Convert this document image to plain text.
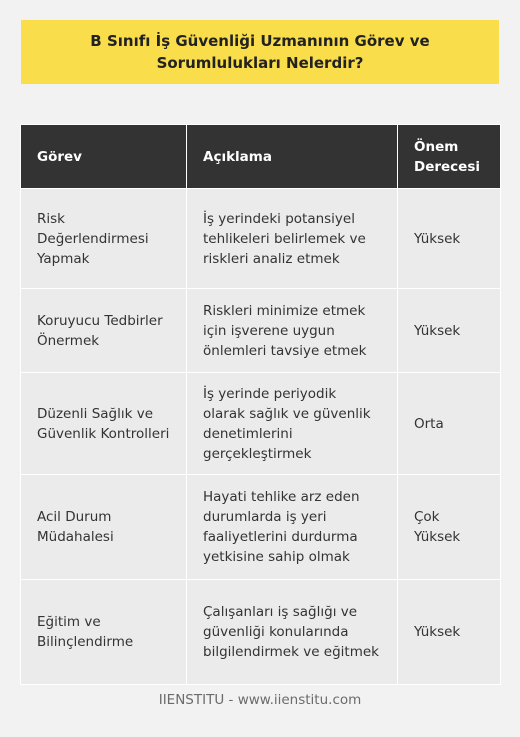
B Sınıfı İş Güvenliği Uzmanının Görev ve Sorumlulukları Nelerdir?
Görev	Açıklama	Önem Derecesi
Risk Değerlendirmesi Yapmak	İş yerindeki potansiyel tehlikeleri belirlemek ve riskleri analiz etmek	Yüksek
Koruyucu Tedbirler Önermek	Riskleri minimize etmek için işverene uygun önlemleri tavsiye etmek	Yüksek
Düzenli Sağlık ve Güvenlik Kontrolleri	İş yerinde periyodik olarak sağlık ve güvenlik denetimlerini gerçekleştirmek	Orta
Acil Durum Müdahalesi	Hayati tehlike arz eden durumlarda iş yeri faaliyetlerini durdurma yetkisine sahip olmak	Çok Yüksek
Eğitim ve Bilinçlendirme	Çalışanları iş sağlığı ve güvenliği konularında bilgilendirmek ve eğitmek	Yüksek
IIENSTITU - www.iienstitu.com
